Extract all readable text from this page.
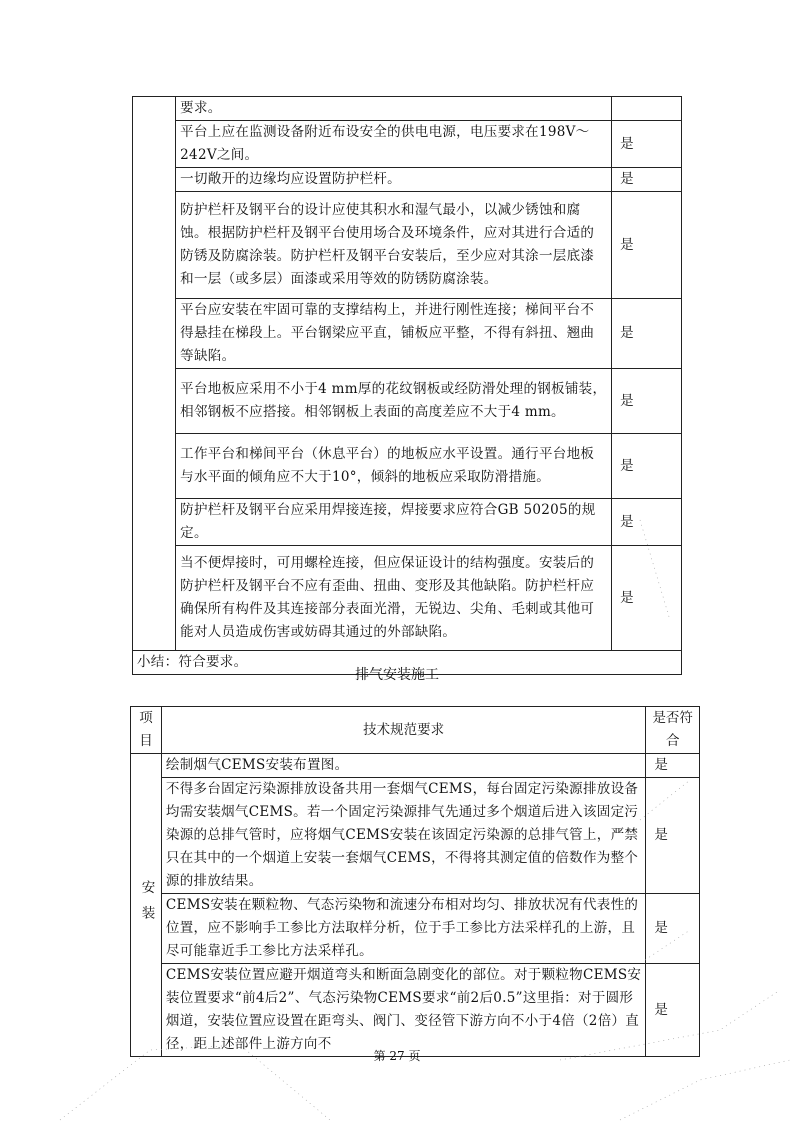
	要求。	
	平台上应在监测设备附近布设安全的供电电源，电压要求在198V～242V之间。	是
	一切敞开的边缘均应设置防护栏杆。	是
	防护栏杆及钢平台的设计应使其积水和湿气最小，以减少锈蚀和腐蚀。根据防护栏杆及钢平台使用场合及环境条件，应对其进行合适的防锈及防腐涂装。防护栏杆及钢平台安装后，至少应对其涂一层底漆和一层（或多层）面漆或采用等效的防锈防腐涂装。	是
	平台应安装在牢固可靠的支撑结构上，并进行刚性连接；梯间平台不得悬挂在梯段上。平台钢梁应平直，铺板应平整，不得有斜扭、翘曲等缺陷。	是
	平台地板应采用不小于4 mm厚的花纹钢板或经防滑处理的钢板铺装，相邻钢板不应搭接。相邻钢板上表面的高度差应不大于4 mm。	是
	工作平台和梯间平台（休息平台）的地板应水平设置。通行平台地板与水平面的倾角应不大于10°，倾斜的地板应采取防滑措施。	是
	防护栏杆及钢平台应采用焊接连接，焊接要求应符合GB 50205的规定。	是
	当不便焊接时，可用螺栓连接，但应保证设计的结构强度。安装后的防护栏杆及钢平台不应有歪曲、扭曲、变形及其他缺陷。防护栏杆应确保所有构件及其连接部分表面光滑，无锐边、尖角、毛刺或其他可能对人员造成伤害或妨碍其通过的外部缺陷。	是
小结：符合要求。		
排气安装施工
项目	技术规范要求	是否符合
安装	绘制烟气CEMS安装布置图。	是
	不得多台固定污染源排放设备共用一套烟气CEMS，每台固定污染源排放设备均需安装烟气CEMS。若一个固定污染源排气先通过多个烟道后进入该固定污染源的总排气管时，应将烟气CEMS安装在该固定污染源的总排气管上，严禁只在其中的一个烟道上安装一套烟气CEMS，不得将其测定值的倍数作为整个源的排放结果。	是
	CEMS安装在颗粒物、气态污染物和流速分布相对均匀、排放状况有代表性的位置，应不影响手工参比方法取样分析，位于手工参比方法采样孔的上游，且尽可能靠近手工参比方法采样孔。	是
	CEMS安装位置应避开烟道弯头和断面急剧变化的部位。对于颗粒物CEMS安装位置要求“前4后2”、气态污染物CEMS要求“前2后0.5”这里指：对于圆形烟道，安装位置应设置在距弯头、阀门、变径管下游方向不小于4倍（2倍）直径，距上述部件上游方向不	是
第 27 页
